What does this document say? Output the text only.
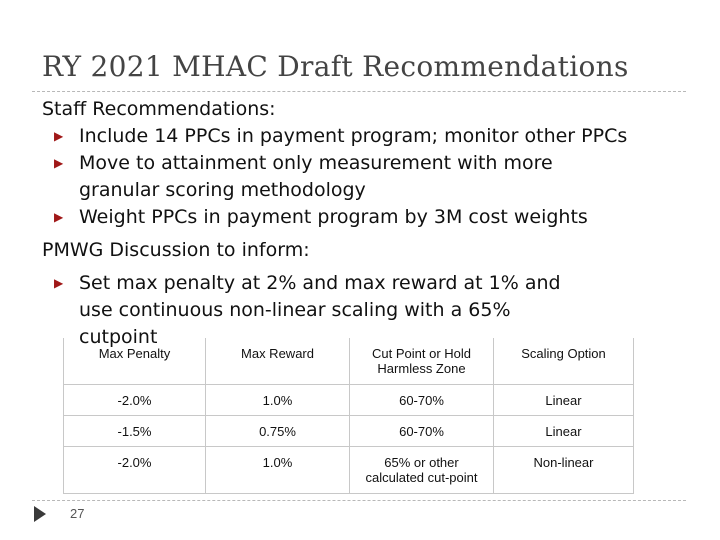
RY 2021 MHAC Draft Recommendations
Staff Recommendations:
▶ Include 14 PPCs in payment program; monitor other PPCs
▶ Move to attainment only measurement with more granular scoring methodology
▶ Weight PPCs in payment program by 3M cost weights
PMWG Discussion to inform:
▶ Set max penalty at 2% and max reward at 1% and use continuous non-linear scaling with a 65% cutpoint
Max Penalty	Max Reward	Cut Point or Hold Harmless Zone	Scaling Option
-2.0%	1.0%	60-70%	Linear
-1.5%	0.75%	60-70%	Linear
-2.0%	1.0%	65% or other calculated cut-point	Non-linear
27
